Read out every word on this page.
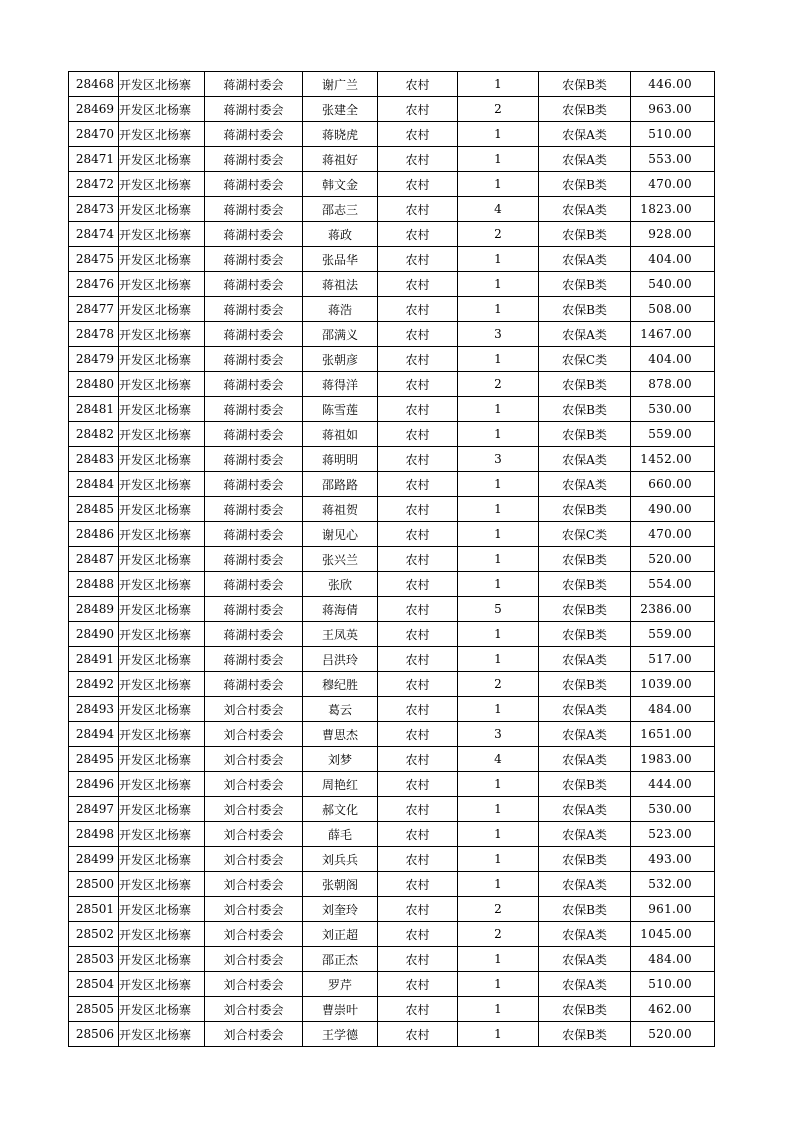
28468	开发区北杨寨	蒋湖村委会	谢广兰	农村	1	农保B类	446.00
28469	开发区北杨寨	蒋湖村委会	张建全	农村	2	农保B类	963.00
28470	开发区北杨寨	蒋湖村委会	蒋晓虎	农村	1	农保A类	510.00
28471	开发区北杨寨	蒋湖村委会	蒋祖好	农村	1	农保A类	553.00
28472	开发区北杨寨	蒋湖村委会	韩文金	农村	1	农保B类	470.00
28473	开发区北杨寨	蒋湖村委会	邵志三	农村	4	农保A类	1823.00
28474	开发区北杨寨	蒋湖村委会	蒋政	农村	2	农保B类	928.00
28475	开发区北杨寨	蒋湖村委会	张品华	农村	1	农保A类	404.00
28476	开发区北杨寨	蒋湖村委会	蒋祖法	农村	1	农保B类	540.00
28477	开发区北杨寨	蒋湖村委会	蒋浩	农村	1	农保B类	508.00
28478	开发区北杨寨	蒋湖村委会	邵满义	农村	3	农保A类	1467.00
28479	开发区北杨寨	蒋湖村委会	张朝彦	农村	1	农保C类	404.00
28480	开发区北杨寨	蒋湖村委会	蒋得洋	农村	2	农保B类	878.00
28481	开发区北杨寨	蒋湖村委会	陈雪莲	农村	1	农保B类	530.00
28482	开发区北杨寨	蒋湖村委会	蒋祖如	农村	1	农保B类	559.00
28483	开发区北杨寨	蒋湖村委会	蒋明明	农村	3	农保A类	1452.00
28484	开发区北杨寨	蒋湖村委会	邵路路	农村	1	农保A类	660.00
28485	开发区北杨寨	蒋湖村委会	蒋祖贺	农村	1	农保B类	490.00
28486	开发区北杨寨	蒋湖村委会	谢见心	农村	1	农保C类	470.00
28487	开发区北杨寨	蒋湖村委会	张兴兰	农村	1	农保B类	520.00
28488	开发区北杨寨	蒋湖村委会	张欣	农村	1	农保B类	554.00
28489	开发区北杨寨	蒋湖村委会	蒋海倩	农村	5	农保B类	2386.00
28490	开发区北杨寨	蒋湖村委会	王凤英	农村	1	农保B类	559.00
28491	开发区北杨寨	蒋湖村委会	吕洪玲	农村	1	农保A类	517.00
28492	开发区北杨寨	蒋湖村委会	穆纪胜	农村	2	农保B类	1039.00
28493	开发区北杨寨	刘合村委会	葛云	农村	1	农保A类	484.00
28494	开发区北杨寨	刘合村委会	曹思杰	农村	3	农保A类	1651.00
28495	开发区北杨寨	刘合村委会	刘梦	农村	4	农保A类	1983.00
28496	开发区北杨寨	刘合村委会	周艳红	农村	1	农保B类	444.00
28497	开发区北杨寨	刘合村委会	郝文化	农村	1	农保A类	530.00
28498	开发区北杨寨	刘合村委会	薛毛	农村	1	农保A类	523.00
28499	开发区北杨寨	刘合村委会	刘兵兵	农村	1	农保B类	493.00
28500	开发区北杨寨	刘合村委会	张朝阁	农村	1	农保A类	532.00
28501	开发区北杨寨	刘合村委会	刘奎玲	农村	2	农保B类	961.00
28502	开发区北杨寨	刘合村委会	刘正超	农村	2	农保A类	1045.00
28503	开发区北杨寨	刘合村委会	邵正杰	农村	1	农保A类	484.00
28504	开发区北杨寨	刘合村委会	罗芹	农村	1	农保A类	510.00
28505	开发区北杨寨	刘合村委会	曹崇叶	农村	1	农保B类	462.00
28506	开发区北杨寨	刘合村委会	王学德	农村	1	农保B类	520.00
